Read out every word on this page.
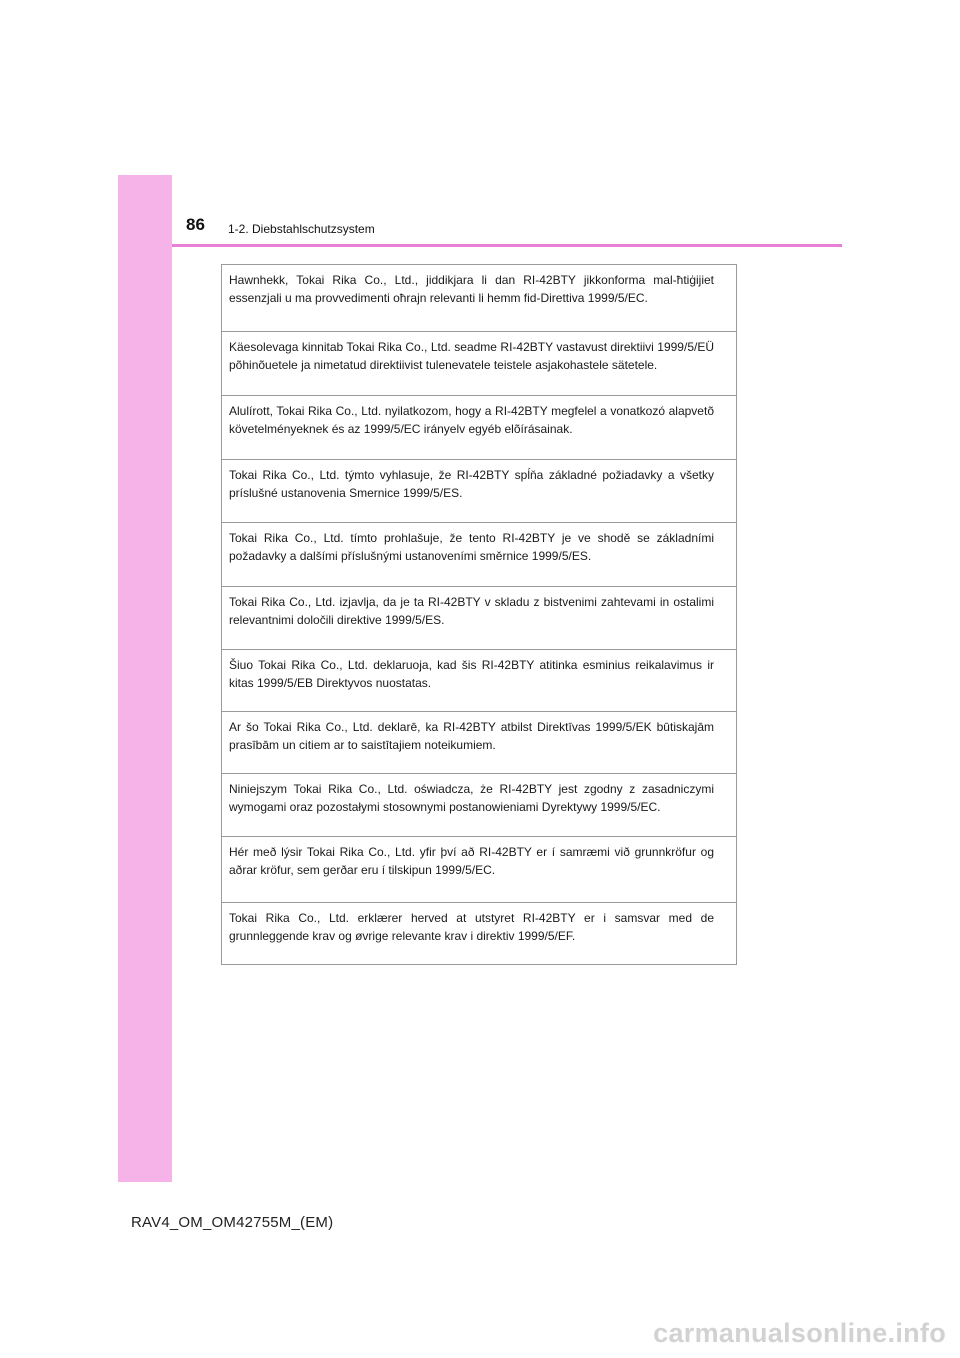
86 1-2. Diebstahlschutzsystem

Hawnhekk, Tokai Rika Co., Ltd., jiddikjara li dan RI-42BTY jikkonforma mal-ħtiġijiet essenzjali u ma provvedimenti oħrajn relevanti li hemm fid-Direttiva 1999/5/EC.

Käesolevaga kinnitab Tokai Rika Co., Ltd. seadme RI-42BTY vastavust direktiivi 1999/5/EÜ põhinõuetele ja nimetatud direktiivist tulenevatele teistele asjakohastele sätetele.

Alulírott, Tokai Rika Co., Ltd. nyilatkozom, hogy a RI-42BTY megfelel a vonatkozó alapvetõ követelményeknek és az 1999/5/EC irányelv egyéb elõírásainak.

Tokai Rika Co., Ltd. týmto vyhlasuje, že RI-42BTY spĺňa základné požiadavky a všetky príslušné ustanovenia Smernice 1999/5/ES.

Tokai Rika Co., Ltd. tímto prohlašuje, že tento RI-42BTY je ve shodě se základními požadavky a dalšími příslušnými ustanoveními směrnice 1999/5/ES.

Tokai Rika Co., Ltd. izjavlja, da je ta RI-42BTY v skladu z bistvenimi zahtevami in ostalimi relevantnimi določili direktive 1999/5/ES.

Šiuo Tokai Rika Co., Ltd. deklaruoja, kad šis RI-42BTY atitinka esminius reikalavimus ir kitas 1999/5/EB Direktyvos nuostatas.

Ar šo Tokai Rika Co., Ltd. deklarē, ka RI-42BTY atbilst Direktīvas 1999/5/EK būtiskajām prasībām un citiem ar to saistītajiem noteikumiem.

Niniejszym Tokai Rika Co., Ltd. oświadcza, że RI-42BTY jest zgodny z zasadniczymi wymogami oraz pozostałymi stosownymi postanowieniami Dyrektywy 1999/5/EC.

Hér með lýsir Tokai Rika Co., Ltd. yfir því að RI-42BTY er í samræmi við grunnkröfur og aðrar kröfur, sem gerðar eru í tilskipun 1999/5/EC.

Tokai Rika Co., Ltd. erklærer herved at utstyret RI-42BTY er i samsvar med de grunnleggende krav og øvrige relevante krav i direktiv 1999/5/EF.

RAV4_OM_OM42755M_(EM)
carmanualsonline.info
